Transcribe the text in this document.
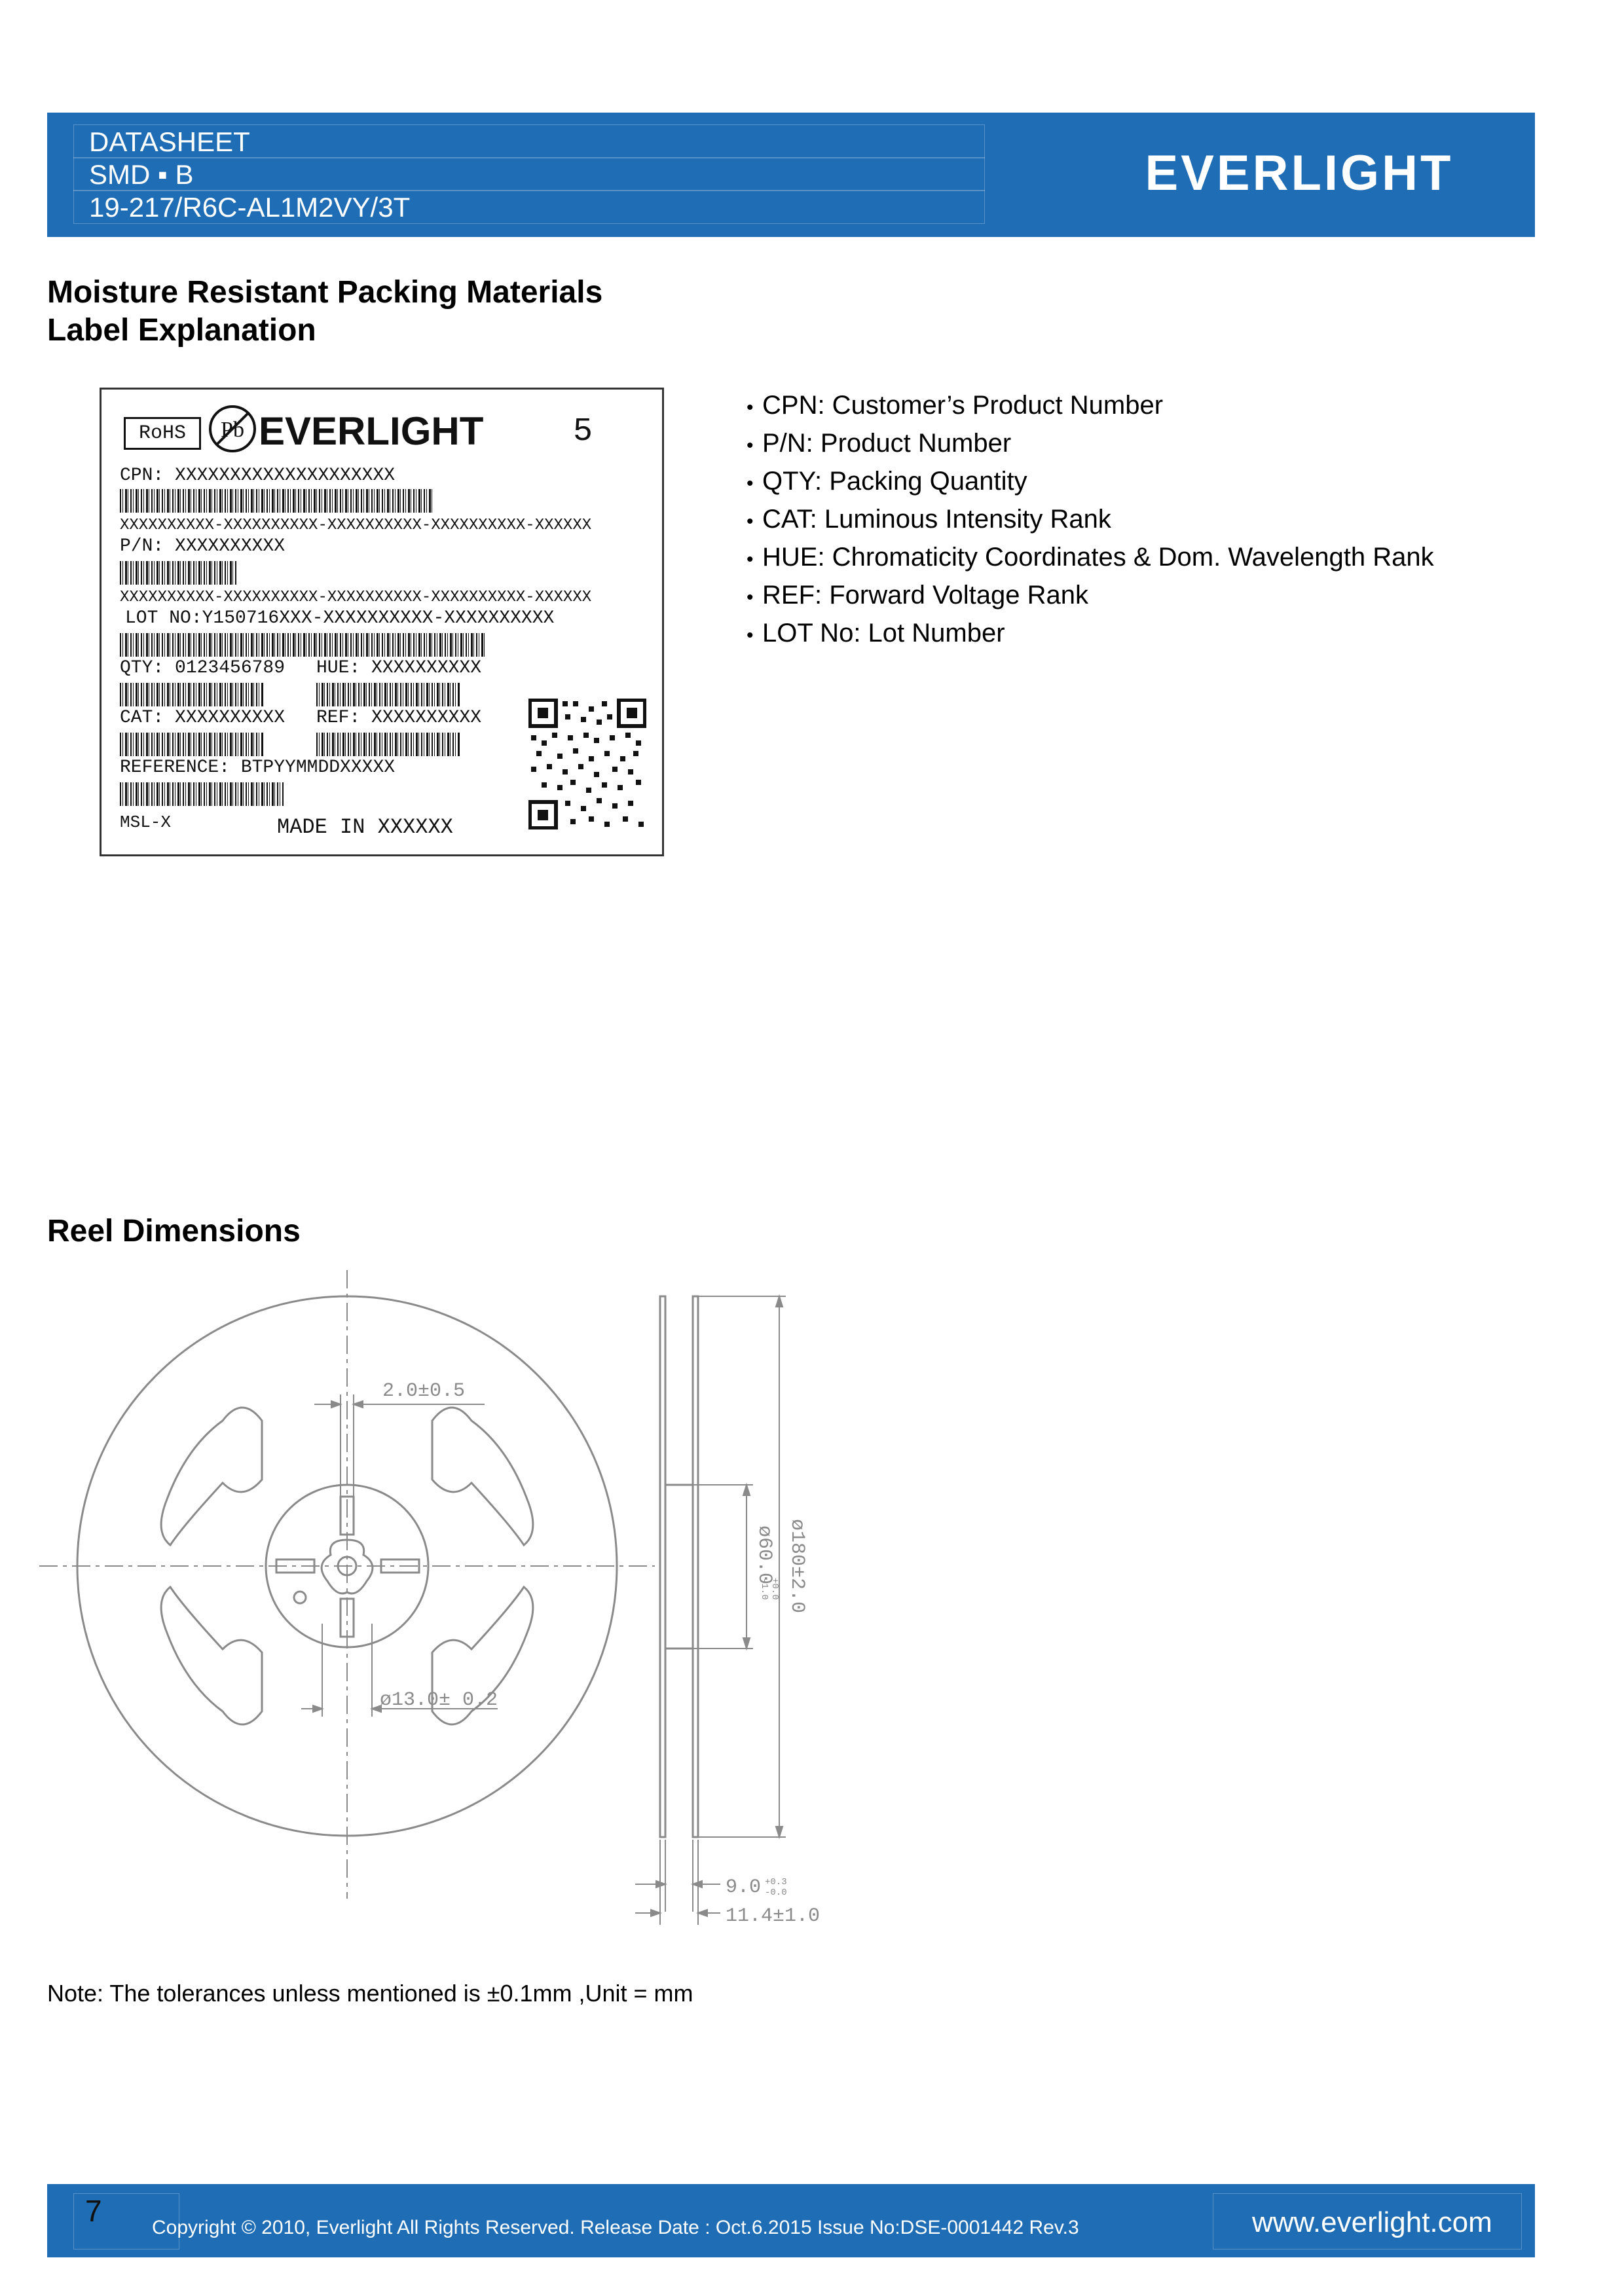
DATASHEET
SMD ▪ B
19-217/R6C-AL1M2VY/3T
EVERLIGHT
Moisture Resistant Packing Materials
Label Explanation
RoHS	Pb EVERLIGHT	5
CPN: XXXXXXXXXXXXXXXXXXXX
XXXXXXXXXX-XXXXXXXXXX-XXXXXXXXXX-XXXXXXXXXX-XXXXXX
P/N: XXXXXXXXXX
XXXXXXXXXX-XXXXXXXXXX-XXXXXXXXXX-XXXXXXXXXX-XXXXXX
LOT NO:Y150716XXX-XXXXXXXXXX-XXXXXXXXXX
QTY: 0123456789 HUE: XXXXXXXXXX
CAT: XXXXXXXXXX REF: XXXXXXXXXX
REFERENCE: BTPYYMMDDXXXXX
MSL-X	MADE IN XXXXXX
• CPN: Customer’s Product Number
• P/N: Product Number
• QTY: Packing Quantity
• CAT: Luminous Intensity Rank
• HUE: Chromaticity Coordinates & Dom. Wavelength Rank
• REF: Forward Voltage Rank
• LOT No: Lot Number
Reel Dimensions
2.0±0.5
ø13.0± 0.2
ø60.0
+0.0
-1.0 ø180±2.0
9.0 +0.3
-0.0
11.4±1.0
Note: The tolerances unless mentioned is ±0.1mm ,Unit = mm
7	Copyright © 2010, Everlight All Rights Reserved. Release Date : Oct.6.2015 Issue No:DSE-0001442 Rev.3	www.everlight.com
